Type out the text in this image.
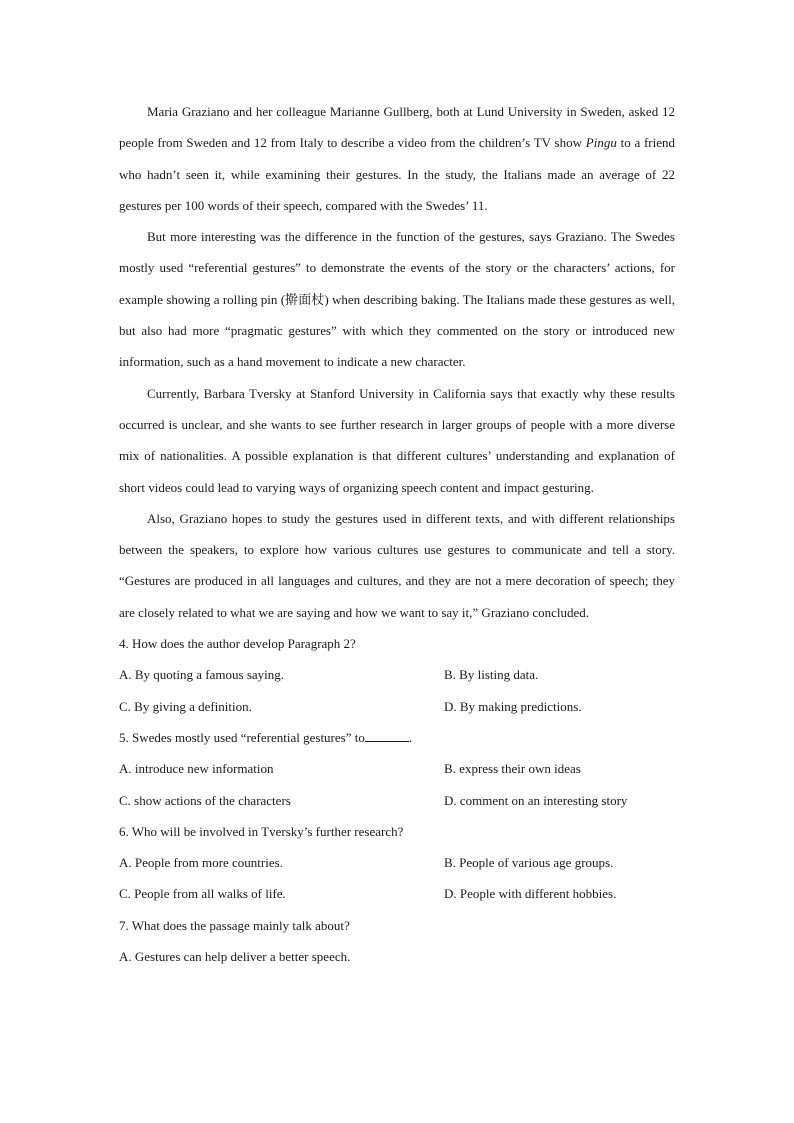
Maria Graziano and her colleague Marianne Gullberg, both at Lund University in Sweden, asked 12 people from Sweden and 12 from Italy to describe a video from the children’s TV show Pingu to a friend who hadn’t seen it, while examining their gestures. In the study, the Italians made an average of 22 gestures per 100 words of their speech, compared with the Swedes’ 11.

But more interesting was the difference in the function of the gestures, says Graziano. The Swedes mostly used “referential gestures” to demonstrate the events of the story or the characters’ actions, for example showing a rolling pin (擀面杖) when describing baking. The Italians made these gestures as well, but also had more “pragmatic gestures” with which they commented on the story or introduced new information, such as a hand movement to indicate a new character.

Currently, Barbara Tversky at Stanford University in California says that exactly why these results occurred is unclear, and she wants to see further research in larger groups of people with a more diverse mix of nationalities. A possible explanation is that different cultures’ understanding and explanation of short videos could lead to varying ways of organizing speech content and impact gesturing.

Also, Graziano hopes to study the gestures used in different texts, and with different relationships between the speakers, to explore how various cultures use gestures to communicate and tell a story. “Gestures are produced in all languages and cultures, and they are not a mere decoration of speech; they are closely related to what we are saying and how we want to say it,” Graziano concluded.

4. How does the author develop Paragraph 2?

A. By quoting a famous saying.	B. By listing data.
C. By giving a definition.	D. By making predictions.

5. Swedes mostly used “referential gestures” to	.

A. introduce new information	B. express their own ideas
C. show actions of the characters	D. comment on an interesting story

6. Who will be involved in Tversky’s further research?

A. People from more countries.	B. People of various age groups.
C. People from all walks of life.	D. People with different hobbies.

7. What does the passage mainly talk about?

A. Gestures can help deliver a better speech.
